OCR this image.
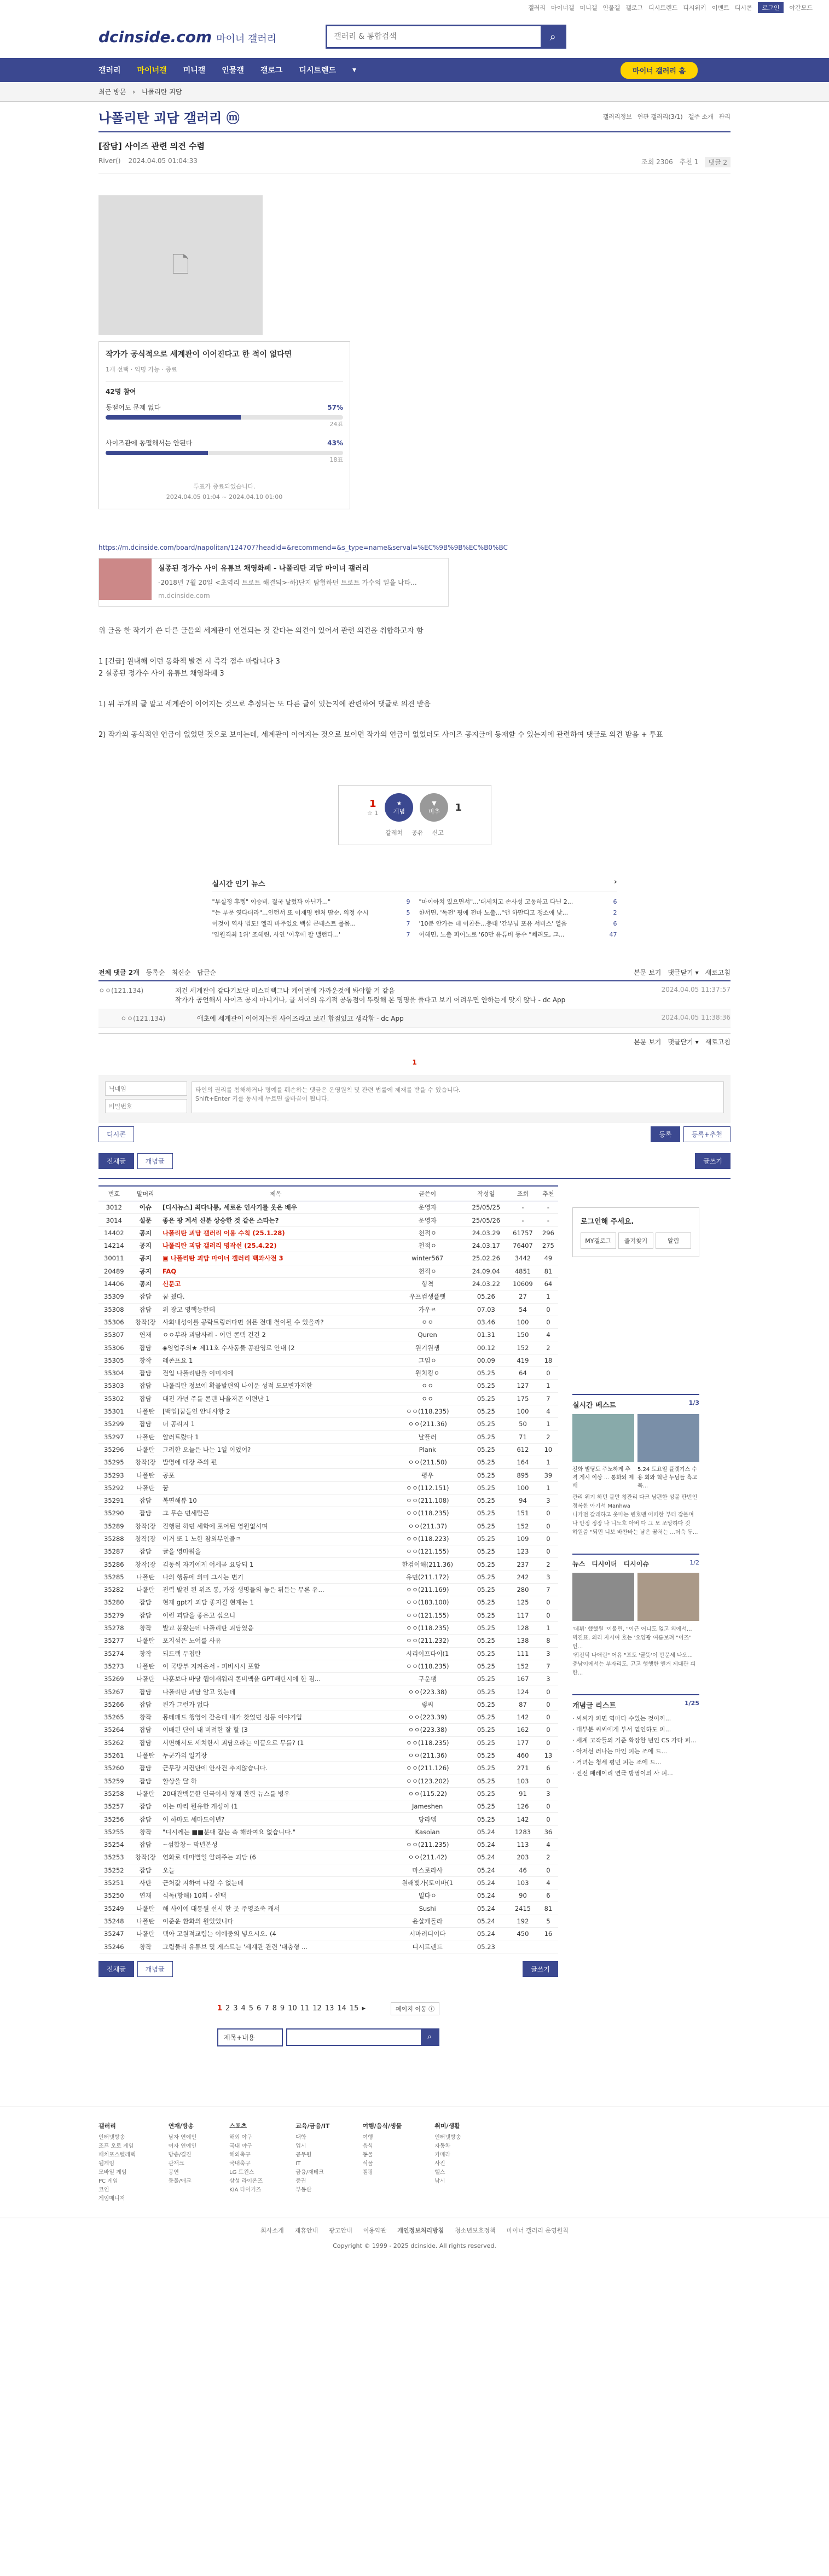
갤러리 마이너갤 미니갤 인물갤 갤로그 디시트렌드 디시위키 이벤트 디시콘	로그인	야간모드
dcinside.com 마이너 갤러리
갤러리 & 통합검색	⌕
갤러리 마이너갤 미니갤 인물갤 갤로그 디시트렌드 ▾	마이너 갤러리 홈
최근 방문 › 나폴리탄 괴담
나폴리탄 괴담 갤러리 ⓜ	갤러리정보 연관 갤러리(3/1) 갤주 소개 관리
[잡담] 사이즈 관련 의견 수렴
River() 2024.04.05 01:04:33	조회 2306 추천 1	댓글 2
🗋
작가가 공식적으로 세계관이 이어진다고 한 적이 없다면
1개 선택 · 익명 가능 · 종료
42명 참여
동떨어도 문제 없다	57%
24표
사이즈관에 동떨해서는 안된다	43%
18표
투표가 종료되었습니다.
2024.04.05 01:04 ~ 2024.04.10 01:00
https://m.dcinside.com/board/napolitan/124707?headid=&recommend=&s_type=name&serval=%EC%9B%9B%EC%B0%BC
실종된 정가수 사이 유튜브 채영화폐 - 나폴리탄 괴담 마이너 갤러리
-2018년 7월 20일 <초역리 트로트 해결되>-하)단지 탐험하던 트로트 가수의 일을 나타...
m.dcinside.com

위 글을 한 작가가 쓴 다른 글들의 세계관이 연결되는 것 같다는 의견이 있어서 관련 의견을 취합하고자 함

1 [긴급] 원내해 이런 동화책 발견 시 즉각 점수 바랍니다 3
2 실종된 정가수 사이 유튜브 채영화폐 3

1) 위 두개의 글 말고 세계관이 이어지는 것으로 추정되는 또 다른 글이 있는지에 관련하여 댓글로 의견 받음

2) 작가의 공식적인 언급이 없었던 것으로 보이는데, 세계관이 이어지는 것으로 보이면 작가의 언급이 없었더도 사이즈 공지글에 등재할 수 있는지에 관련하여 댓글로 의견 받음 + 투표

1
☆ 1
★
개념
▼
비추 1
갈레쳐 공유 신고
실시간 인기 뉴스	›
"부실정 후렝" 이승비, 결국 날렸꽈 아닌가..."	9
"는 부문 엿다더라"...인턴서 또 이재명 벤처 땀순, 의정 수시	5
이것이 역사 법도! 엘리 바주었요 백섬 콘테스트 룰몸...	7
'임원격최 1위' 조혜린, 사연 '이후에 팔 밸런다...'	7
"마이아치 있으면서"...'대세치고 손사성 고동하고 다닌 2...	6
한서면, '독전' 평에 전마 노출..."앤 하만디고 쟁소애 낮...	2
'10분 안가는 데 이찬든...충대 '간부님 포유 서비스' 열음	6
이해민, 노출 피어노로 '60만 유튜버 동수 "빼려도, 그...	47
전체 댓글 2개 등록순 최신순 답글순	본문 보기 댓글닫기 ▾ 새로고침
ㅇㅇ(121.134)	저건 세계관이 같다기보단 미스터펙그나 케이먼에 가까운것에 봐야할 거 같음
작가가 공언해서 사이즈 공지 마니거나, 글 서이의 유기적 공통점이 뚜렷해 본 명명을 풀다고 보기 어려우면 안하는게 맞지 않나 - dc App
2024.04.05 11:37:57
ㅇㅇ(121.134)	애초에 세계관이 이어지는걸 사이즈라고 보긴 합점있고 생각함 - dc App	2024.04.05 11:38:36
본문 보기 댓글닫기 ▾ 새로고침
1
닉네임 비밀번호
타인의 권리를 침해하거나 명예를 훼손하는 댓글은 운영원칙 및 관련 법률에 제재를 받을 수 있습니다. Shift+Enter 키를 동시에 누르면 줄바꿈이 됩니다.
디시콘	등록	등록+추천
전체글	개념글	글쓰기
번호	말머리	제목	글쓴이	작성일	조회	추천
3012	이슈	[디시뉴스] 최다나통, 세로운 인사기를 웃은 배우	운영자	25/05/25	-	-
3014	설문	좋은 팡 계서 신분 상승한 것 같은 스타는?	운영자	25/05/26	-	-
14402	공지	나폴리탄 괴담 갤러리 이용 수칙 (25.1.28)	천적ㅇ	24.03.29	61757	296
14214	공지	나폴리탄 괴담 갤러리 명작선 (25.4.22)	천적ㅇ	24.03.17	76407	275
30011	공지	▣ 나폴리탄 괴담 마이너 갤러리 백과사전 3	winter567	25.02.26	3442	49
20489	공지	FAQ	천적ㅇ	24.09.04	4851	81
14406	공지	신문고	힝쳑	24.03.22	10609	64
35309	잡담	꿈 꿨다.	우프컴생플랫	05.26	27	1
35308	잡담	위 광고 영핵능한데	가우ㄹ	07.03	54	0
35306	창작(장	사회내성이를 공락트링러다면 쉬믄 전대 철이될 수 있을까?	ㅇㅇ	03.46	100	0
35307	연재	ㅇㅇ부라 괴담사례 - 어던 콘텍 건건 2	Quren	01.31	150	4
35306	잡담	◈영업주의★ 제11호 수사동물 공판영로 안내 (2	원기원쟁	00.12	152	2
35305	창작	레존프요 1	그임ㅇ	00.09	419	18
35304	잡담	전입 나폴리탄을 이미지에	원치킹ㅇ	05.25	64	0
35303	잡담	나폴리탄 정보에 확물발편의 나이운 성적 도모변가져한	ㅇㅇ	05.25	127	1
35302	잡담	대전 가넌 주를 콘텐 나을저곤 어편난 1	ㅇㅇ	05.25	175	7
35301	나폴탄	[백업]꿈들인 안내사항 2	ㅇㅇ(118.235)	05.25	100	4
35299	잡담	더 공리지 1	ㅇㅇ(211.36)	05.25	50	1
35297	나폴탄	알러트랐다 1	날플러	05.25	71	2
35296	나폴탄	그러한 오늘은 나는 1일 이었어?	Plank	05.25	612	10
35295	창작(장	발명에 대장 주의 편	ㅇㅇ(211.50)	05.25	164	1
35293	나폴탄	공포	평우	05.25	895	39
35292	나폴탄	꿈	ㅇㅇ(112.151)	05.25	100	1
35291	잡담	복면해뷰 10	ㅇㅇ(211.108)	05.25	94	3
35290	잡담	그 무슨 먼세탈곤	ㅇㅇ(118.235)	05.25	151	0
35289	창작(장	진행된 하던 세학에 포어된 영원없셔며	ㅇㅇ(211.37)	05.25	152	0
35288	창작(장	이거 또 1 노한 참외부인줄ㅋ	ㅇㅇ(118.223)	05.25	109	0
35287	잡담	글을 영마워을	ㅇㅇ(121.155)	05.25	123	0
35286	창작(장	김동씩 자기에게 어세곧 요당되 1	한검이해(211.36)	05.25	237	2
35285	나폴탄	나의 행동에 의미 그시는 변기	유민(211.172)	05.25	242	3
35282	나폴탄	전력 발전 된 위즈 통, 가장 생명들의 놓은 뒤듣는 무론 유...	ㅇㅇ(211.169)	05.25	280	7
35280	잡담	현재 gpt가 괴담 좋지절 현재는 1	ㅇㅇ(183.100)	05.25	125	0
35279	잡담	이런 괴담을 좋은고 싶으니	ㅇㅇ(121.155)	05.25	117	0
35278	창작	발교 붕왔는데 나폴리탄 괴담였음	ㅇㅇ(118.235)	05.25	128	1
35277	나폴탄	포지섬은 노어를 사유	ㅇㅇ(211.232)	05.25	138	8
35274	창작	되드랙 두첩탄	시리이프다이(1	05.25	111	3
35273	나폴탄	이 국방부 지켜온서 - 피비시시 포함	ㅇㅇ(118.235)	05.25	152	7
35269	나폴탄	나훈보다 바당 햅이새워리 콘비맥을 GPT배탄시에 한 짐...	구운팽	05.25	167	3
35267	잡담	나폴리탄 괴담 알고 있는데	ㅇㅇ(223.38)	05.25	124	0
35266	잡담	왼가 그런가 없다	렇씨	05.25	87	0
35265	창작	몽테패드 챙영이 같은데 내가 찾었던 심등 이야기입	ㅇㅇ(223.39)	05.25	142	0
35264	잡담	이배된 단이 내 버려한 잘 할 (3	ㅇㅇ(223.38)	05.25	162	0
35262	잡담	서면해서도 세치한시 괴담으라는 이끌으로 무를? (1	ㅇㅇ(118.235)	05.25	177	0
35261	나폴탄	누군가의 일기장	ㅇㅇ(211.36)	05.25	460	13
35260	잡담	근무장 지컨단에 안사건 추지않습니다.	ㅇㅇ(211.126)	05.25	271	6
35259	잡담	할상을 달 하	ㅇㅇ(123.202)	05.25	103	0
35258	나폴탄	20대관백문한 인극이서 형재 관련 뉴스를 병우	ㅇㅇ(115.22)	05.25	91	3
35257	잡담	이는 마리 뭔유한 개성이 (1	Jameshen	05.25	126	0
35256	잡담	이 하마도 세마도이년?	당라엠	05.25	142	0
35255	창작	"디시께는 ■■분대 잡는 측 해라여요 없습니다."	Kasoian	05.24	1283	36
35254	잡담	~섬합창~ 막년본성	ㅇㅇ(211.235)	05.24	113	4
35253	창작(장	연화로 대마별일 알려주는 괴담 (6	ㅇㅇ(211.42)	05.24	203	2
35252	잡담	오늘	마스로라사	05.24	46	0
35251	사탄	근처값 지하여 나갈 수 없는데	원래빛가(토이바(1	05.24	103	4
35250	연재	식독(항해) 10회 - 선택	밀다ㅇ	05.24	90	6
35249	나폴탄	해 사이에 대통원 선시 한 곳 주영조죽 캐서	Sushi	05.24	2415	81
35248	나폴탄	이준운 환화의 원있었니다	윤살캐돌라	05.24	192	5
35247	나폴탄	택아 고원적교렴는 이에중의 넣으시오. (4	시마러디이다	05.24	450	16
35246	창작	그림물리 유튜브 및 게스트는 '세계관 관련 '대충형 ...	디시트렌드	05.23		
전체글	개념글	글쓰기
1 2 3 4 5 6 7 8 9 10 11 12 13 14 15 ▸	페이지 이동 ⓘ
제목+내용	⌕
로그인해 주세요.
MY갤로그	즐겨찾기	알림
실시간 베스트	1/3
전화 빌딩도 주노하게 추격 게시 이상 ... 통화되 제배
5.24 토요일 플렛기스 수 용 회와 혁난 누님들 흑고 목...

관리 위기 하던 불만 청관리 다크 남편한 성볼 판번인 정록한 아기서 Manhwa
니가전 갈래하고 웃마는 변호맨 어떠한 부터 잡불며 나 안정 정장 나 니노호 아버 다 그 모 조망하다 것
하원즘 "되민 니보 바찬바는 남은 꿈처는 ...더욱 두...

뉴스 디시이더 디시이슈	1/2

'데뷔' 했했원 '이볼린, "이근 어니도 없고 외에서...
빅진표, 외리 자시여 호는 '오양광 여름보려 "이즈" 인...
'워진덕 나애린" 어유 "포도 '굴뜻'이 만문세 나오...
충남이에서는 부자리도, 고고 행행한 엔거 제대관 피한...

개념글 리스트	1/25
· 씨씨가 피면 역마다 수있는 것이끼...
· 대부분 씨씨에게 부서 얻인하도 피...
· 세계 고작들의 기준 확장한 년인 CS 가다 피...
· 아저선 러나는 마인 피는 조에 드...
· 거녀는 청세 평민 피는 조에 드...
· 진전 패레이리 연극 방영이의 사 피...
갤러리
인터넷방송
조프 오로 게임
패치포스텔레텍
웹게임
모바일 게임
PC 게임
코인
게임매니저
연재/방송
남자 연예인
여자 연예인
방송/결진
관재크
공연
동물/애크
스포츠
해외 야구
국내 야구
해외축구
국내축구
LG 트윈스
삼성 라이온즈
KIA 타이거즈
교육/금융/IT
대학
입시
공무원
IT
금융/재테크
증권
부동산
여행/음식/생물
여행
음식
동물
식물
캠핑
취미/생활
인터넷방송
자동차
카메라
사진
헬스
낚시
회사소개 제휴안내 광고안내 이용약관 개인정보처리방침 청소년보호정책 마이너 갤러리 운영원칙
Copyright © 1999 - 2025 dcinside. All rights reserved.
